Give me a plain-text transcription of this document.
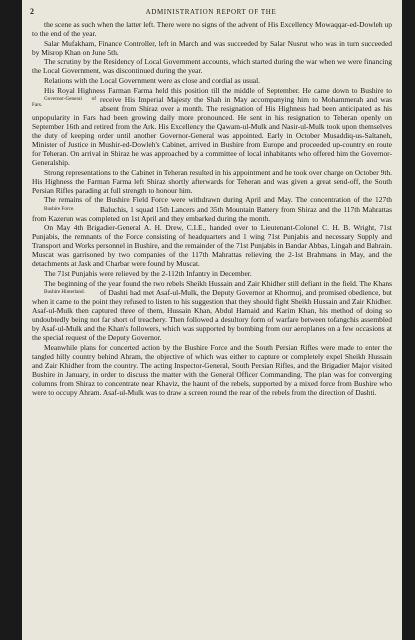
2	ADMINISTRATION REPORT OF THE

the scene as such when the latter left. There were no signs of the advent of His Excellency Mowaqqar-ed-Dowleh up to the end of the year.

Salar Mufakham, Finance Controller, left in March and was succeeded by Salar Nusrut who was in turn succeeded by Misrop Khan on June 5th.

The scrutiny by the Residency of Local Government accounts, which started during the war when we were financing the Local Government, was discontinued during the year.

Relations with the Local Government were as close and cordial as usual.

His Royal Highness Farman Farma held this position till the middle of September. He came down to Bushire to
Governor-General of Fars.
receive His Imperial Majesty the Shah in May accompanying him to Mohammerah and was absent from Shiraz over a month. The resignation of His Highness had been anticipated as his unpopularity in Fars had been growing daily more pronounced. He sent in his resignation to Teheran openly on September 16th and retired from the Ark. His Excellency the Qawam-ul-Mulk and Nasir-ul-Mulk took upon themselves the duty of keeping order until another Governor-General was appointed. Early in October Musaddiq-us-Saltaneh, Minister of Justice in Mushir-ed-Dowleh's Cabinet, arrived in Bushire from Europe and proceeded up-country en route for Teheran. On arrival in Shiraz he was approached by a committee of local inhabitants who offered him the Governor-Generalship.

Strong representations to the Cabinet in Teheran resulted in his appointment and he took over charge on October 9th. His Highness the Farman Farma left Shiraz shortly afterwards for Teheran and was given a great send-off, the South Persian Rifles parading at full strength to honour him.

The remains of the Bushire Field Force were withdrawn during April and May. The concentration of the 127th
Bushire Force.	Baluchis, 1 squad 15th Lancers and 35th Mountain Battery from Shiraz and the 117th Mahrattas from Kazerun was completed on 1st April and they embarked during the month.

On May 4th Brigadier-General A. H. Drew, C.I.E., handed over to Lieutenant-Colonel C. H. B. Wright, 71st Punjabis, the remnants of the Force consisting of headquarters and 1 wing 71st Punjabis and necessary Supply and Transport and Works personnel in Bushire, and the remainder of the 71st Punjabis in Bandar Abbas, Lingah and Bahrain. Muscat was garrisoned by two companies of the 117th Mahrattas relieving the 2-1st Brahmans in May, and the detachments at Jask and Charbar were found by Muscat.

The 71st Punjabis were relieved by the 2-112th Infantry in December.

The beginning of the year found the two rebels Sheikh Hussain and Zair Khidher still defiant in the field. The
Bushire Hinterland.
Khans of Dashti had met Asaf-ul-Mulk, the Deputy Governor at Khormuj, and promised obedience, but when it came to the point they refused to listen to his suggestion that they should fight Sheikh Hussain and Zair Khidher. Asaf-ul-Mulk then captured three of them, Hussain Khan, Abdul Hamaid and Karim Khan, his method of doing so undoubtedly being not far short of treachery. Then followed a desultory form of warfare between tofangchis assembled by Asaf-ul-Mulk and the Khan's followers, which was supported by bombing from our aeroplanes on a few occasions at the special request of the Deputy Governor.

Meanwhile plans for concerted action by the Bushire Force and the South Persian Rifles were made to enter the tangled hilly country behind Ahram, the objective of which was either to capture or completely expel Sheikh Hussain and Zair Khidher from the country. The acting Inspector-General, South Persian Rifles, and the Brigadier Major visited Bushire in January, in order to discuss the matter with the General Officer Commanding. The plan was for converging columns from Shiraz to concentrate near Khaviz, the haunt of the rebels, supported by a mixed force from Bushire who were to occupy Ahram. Asaf-ul-Mulk was to draw a screen round the rear of the rebels from the direction of Dashti.
